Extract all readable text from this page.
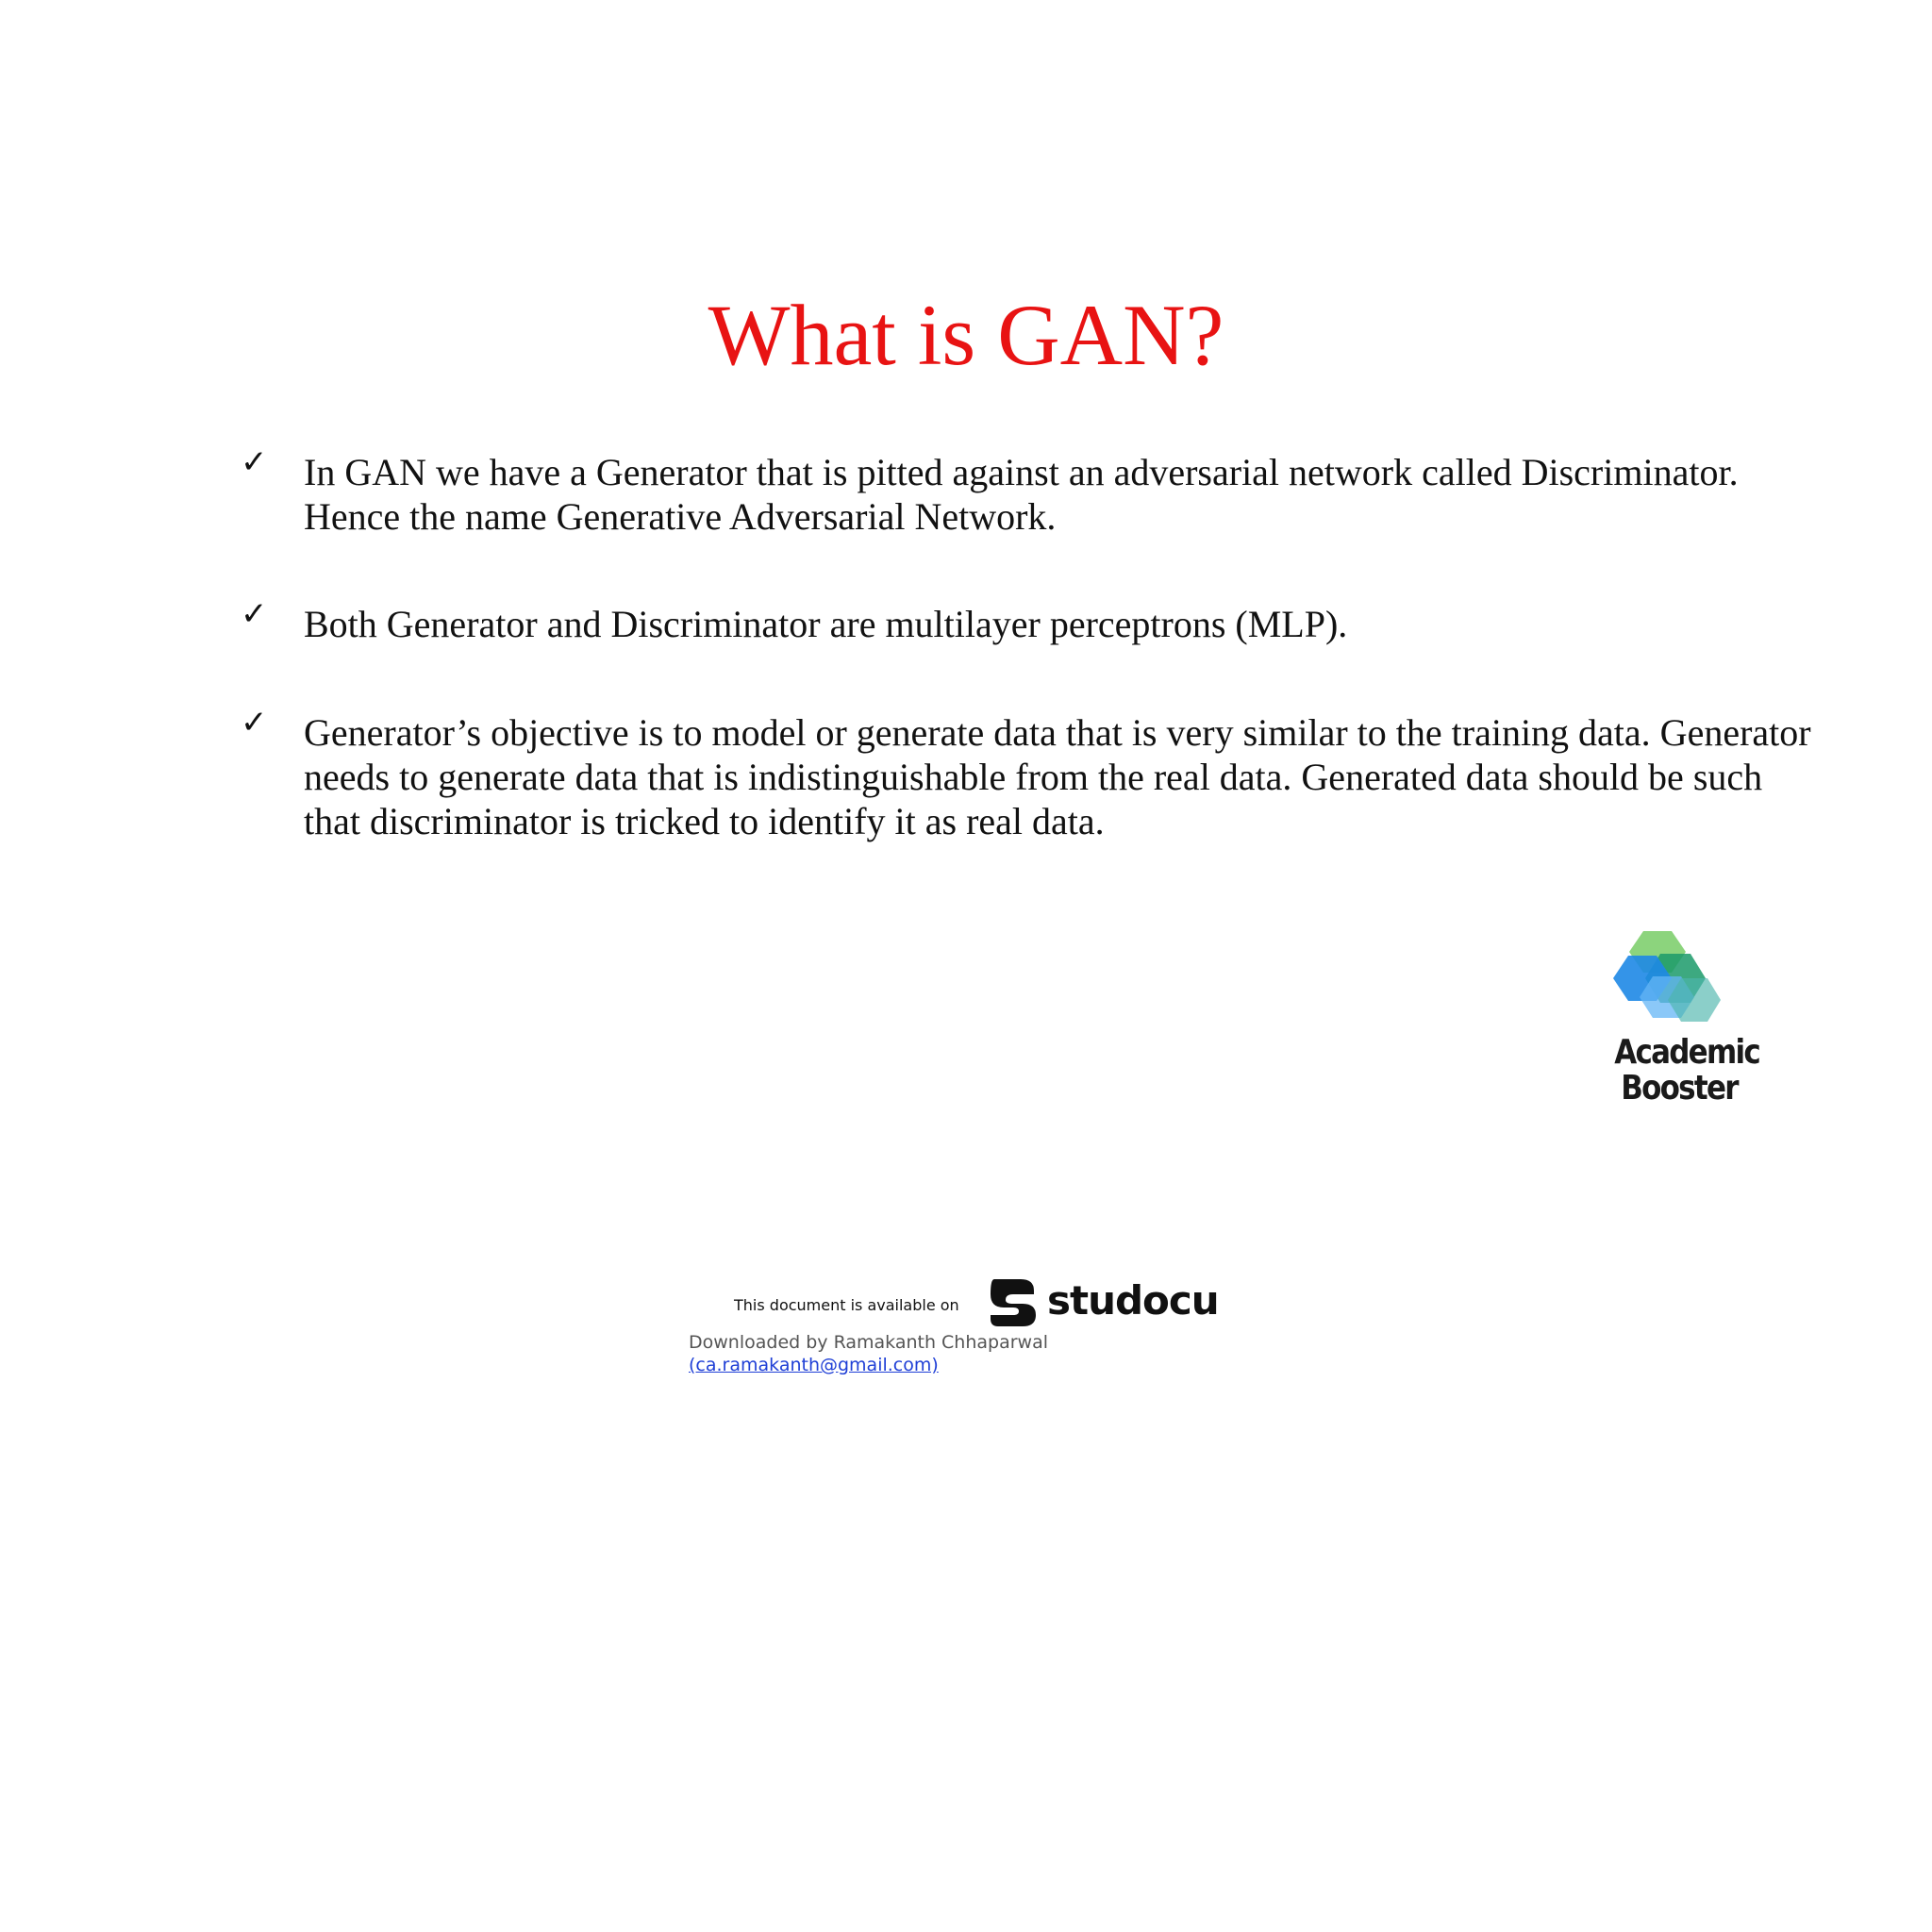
What is GAN?

✓ In GAN we have a Generator that is pitted against an adversarial network called Discriminator. Hence the name Generative Adversarial Network.

✓ Both Generator and Discriminator are multilayer perceptrons (MLP).

✓ Generator’s objective is to model or generate data that is very similar to the training data. Generator needs to generate data that is indistinguishable from the real data. Generated data should be such that discriminator is tricked to identify it as real data.

Academic
Booster
This document is available on studocu
Downloaded by Ramakanth Chhaparwal
(ca.ramakanth@gmail.com)
